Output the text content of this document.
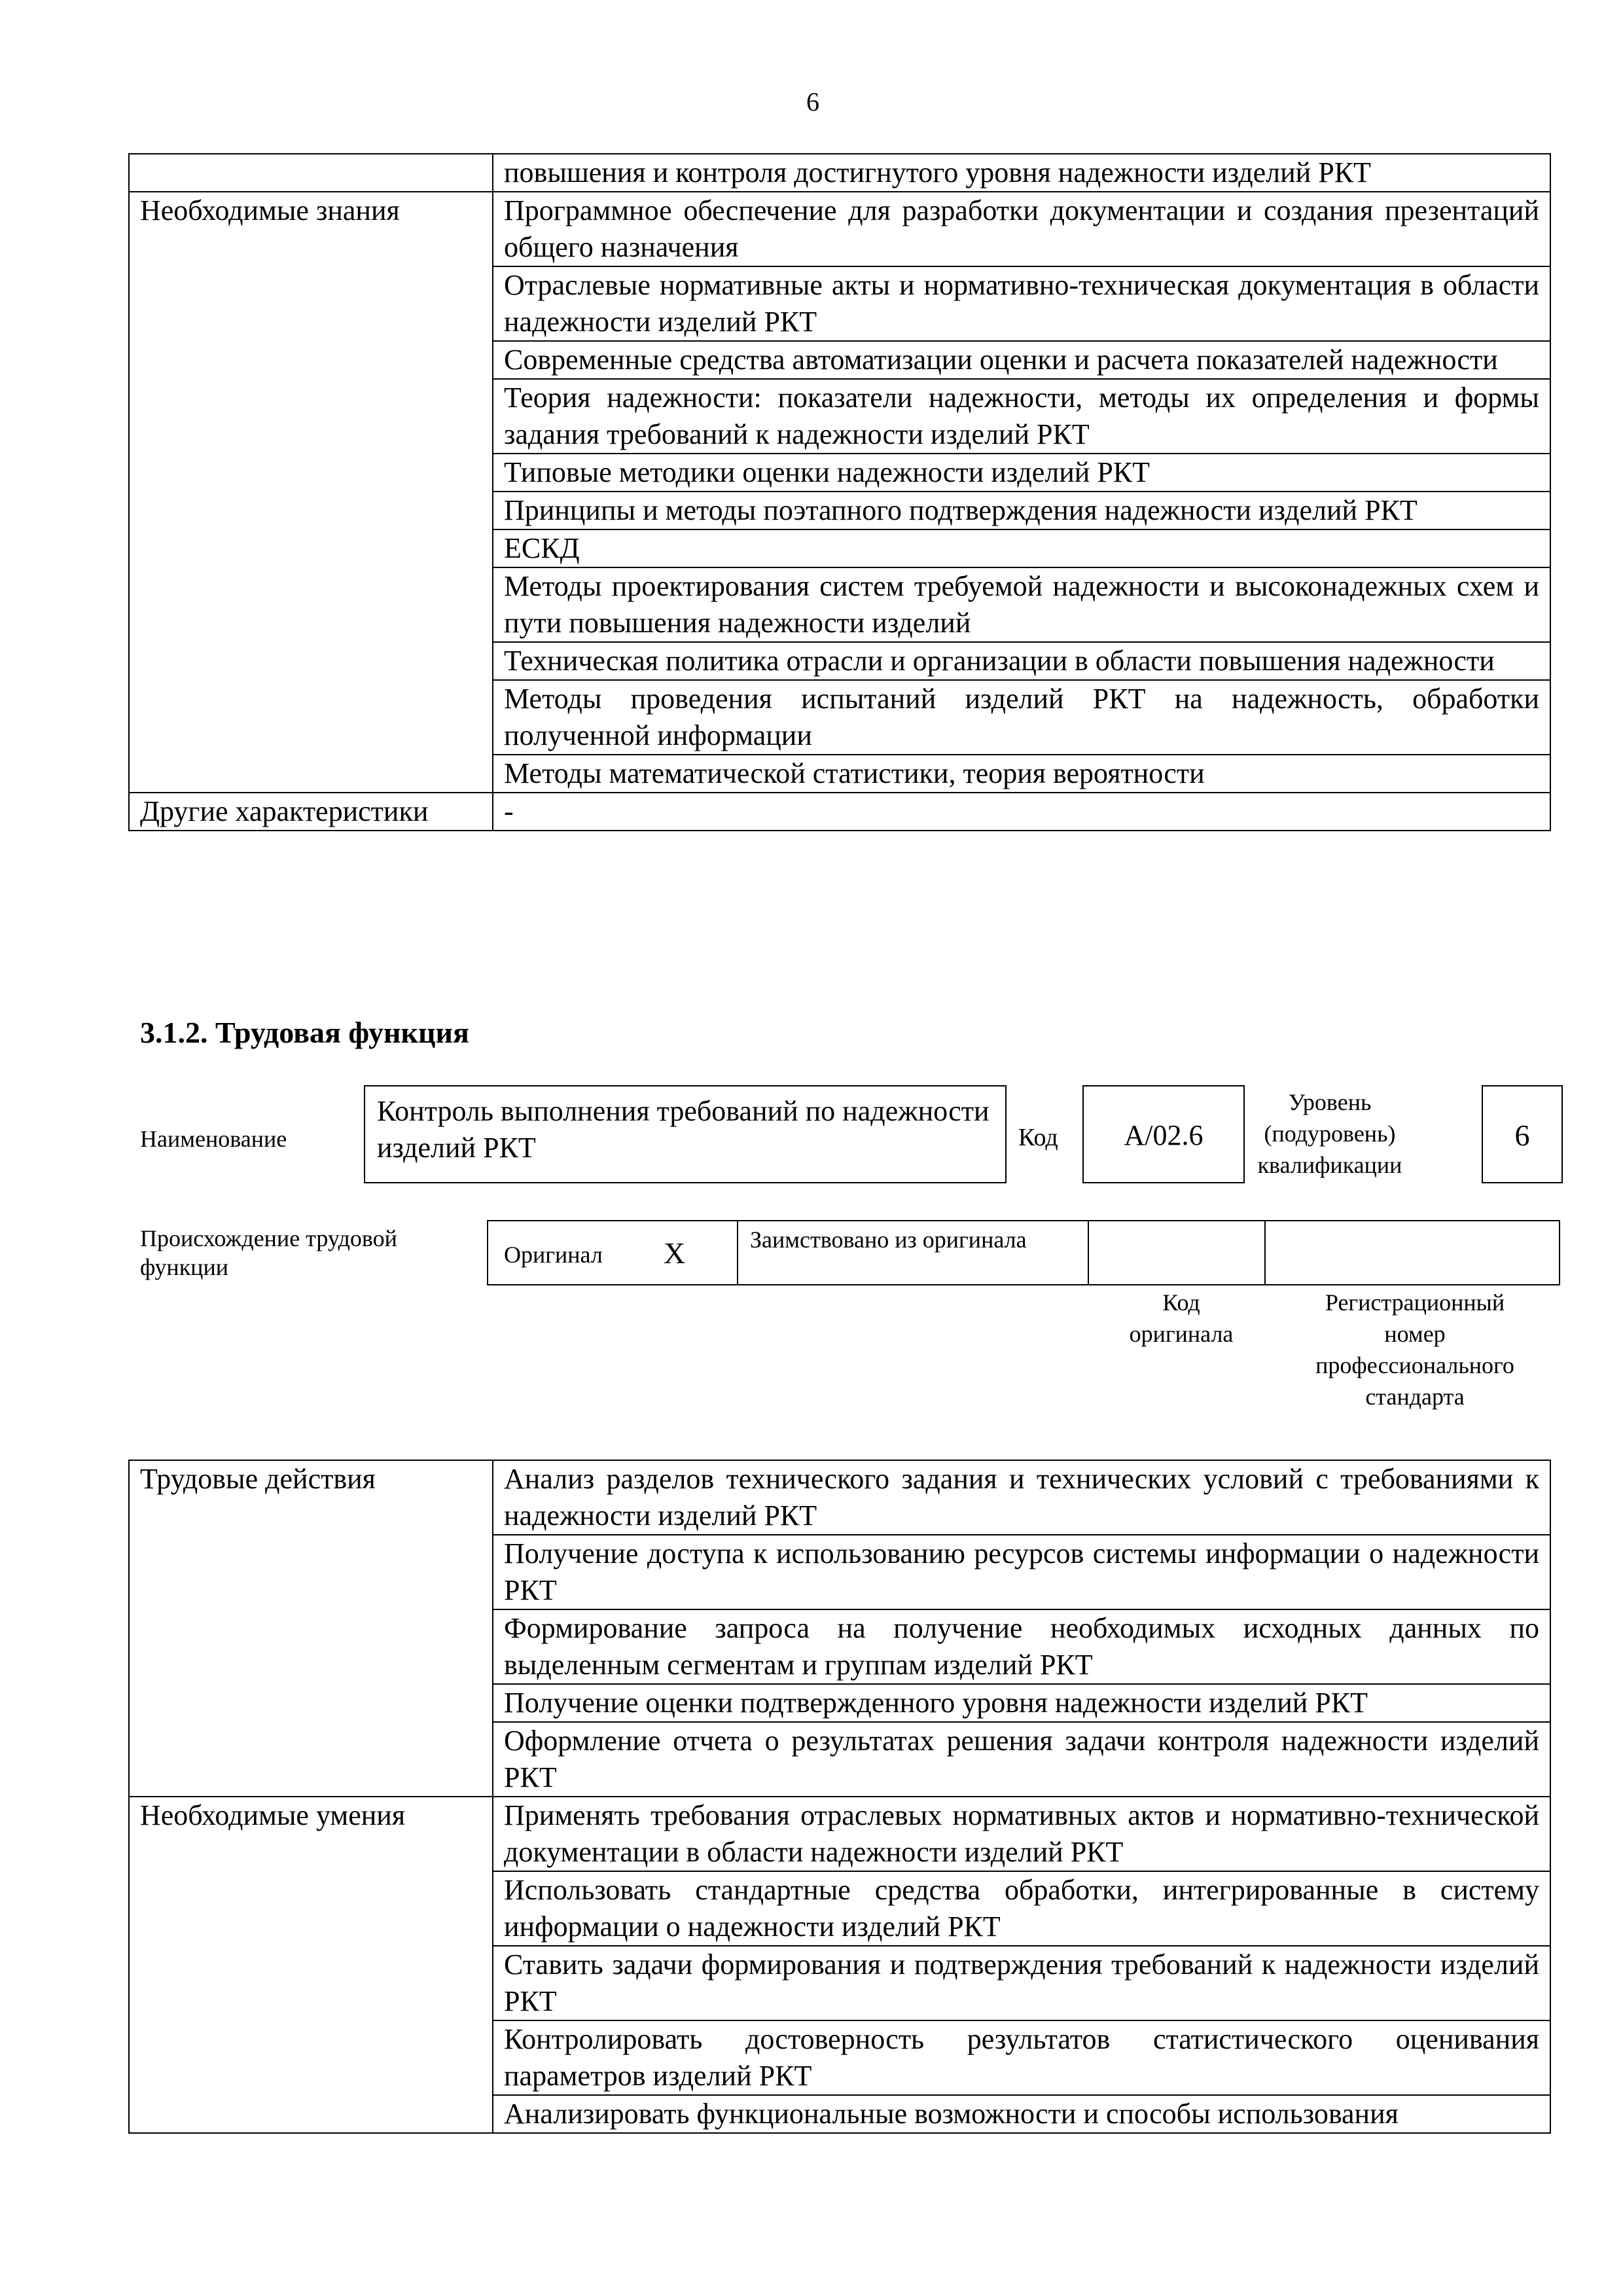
6
	повышения и контроля достигнутого уровня надежности изделий РКТ
Необходимые знания	Программное обеспечение для разработки документации и создания презентаций общего назначения
	Отраслевые нормативные акты и нормативно-техническая документация в области надежности изделий РКТ
	Современные средства автоматизации оценки и расчета показателей надежности
	Теория надежности: показатели надежности, методы их определения и формы задания требований к надежности изделий РКТ
	Типовые методики оценки надежности изделий РКТ
	Принципы и методы поэтапного подтверждения надежности изделий РКТ
	ЕСКД
	Методы проектирования систем требуемой надежности и высоконадежных схем и пути повышения надежности изделий
	Техническая политика отрасли и организации в области повышения надежности
	Методы проведения испытаний изделий РКТ на надежность, обработки полученной информации
	Методы математической статистики, теория вероятности
Другие характеристики	-
3.1.2. Трудовая функция
Наименование
Контроль выполнения требований по надежности изделий РКТ	Код	А/02.6
Уровень
(подуровень)
квалификации
6
Происхождение трудовой функции	Оригинал X	Заимствовано из оригинала
Код
оригинала
Регистрационный
номер
профессионального
стандарта
Трудовые действия	Анализ разделов технического задания и технических условий с требованиями к надежности изделий РКТ
	Получение доступа к использованию ресурсов системы информации о надежности РКТ
	Формирование запроса на получение необходимых исходных данных по выделенным сегментам и группам изделий РКТ
	Получение оценки подтвержденного уровня надежности изделий РКТ
	Оформление отчета о результатах решения задачи контроля надежности изделий РКТ
Необходимые умения	Применять требования отраслевых нормативных актов и нормативно-технической документации в области надежности изделий РКТ
	Использовать стандартные средства обработки, интегрированные в систему информации о надежности изделий РКТ
	Ставить задачи формирования и подтверждения требований к надежности изделий РКТ
	Контролировать достоверность результатов статистического оценивания параметров изделий РКТ
	Анализировать функциональные возможности и способы использования
